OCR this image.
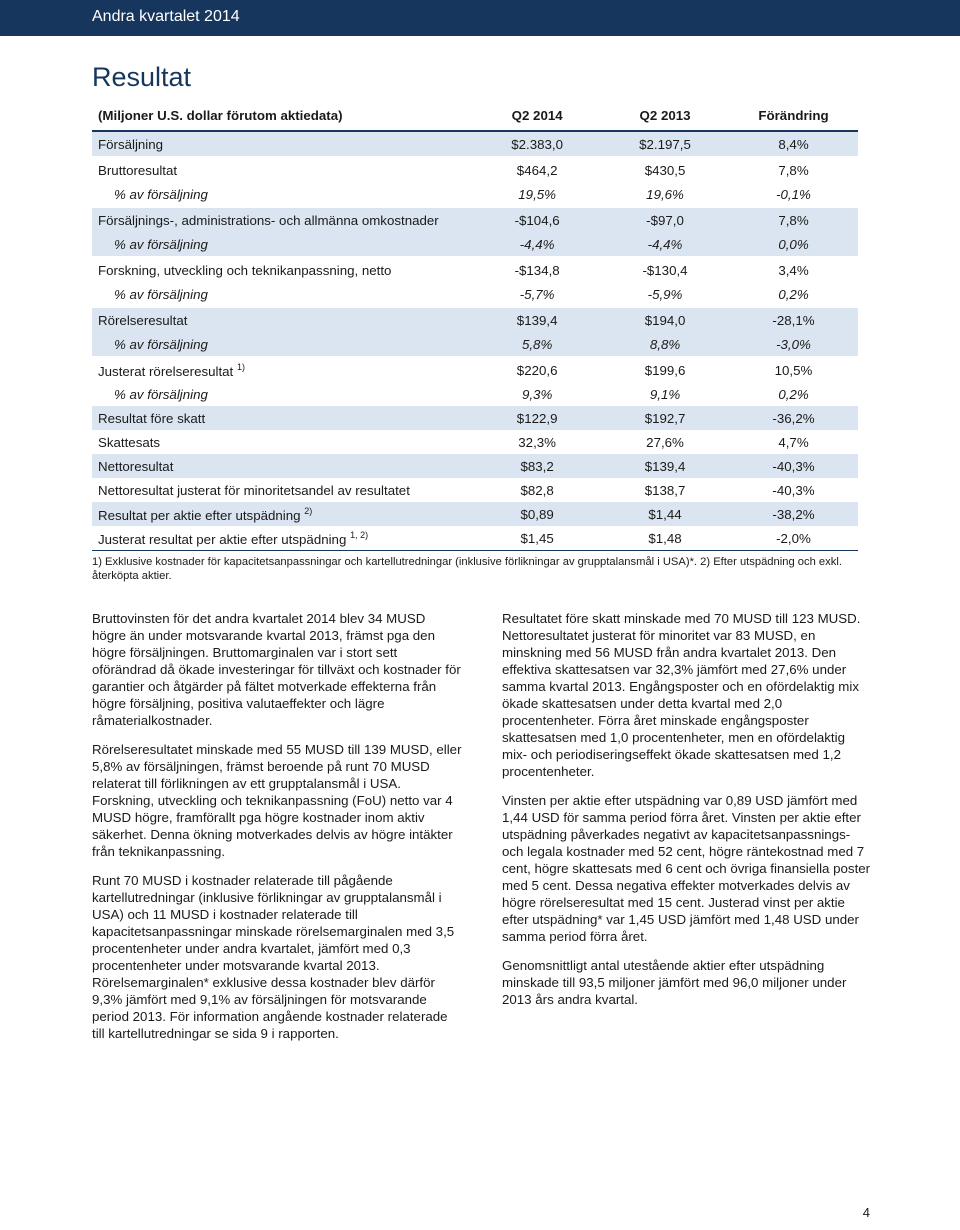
Andra kvartalet 2014
Resultat
(Miljoner U.S. dollar förutom aktiedata)	Q2 2014	Q2 2013	Förändring
Försäljning	$2.383,0	$2.197,5	8,4%

Bruttoresultat	$464,2	$430,5	7,8%
% av försäljning	19,5%	19,6%	-0,1%

Försäljnings-, administrations- och allmänna omkostnader	-$104,6	-$97,0	7,8%
% av försäljning	-4,4%	-4,4%	0,0%

Forskning, utveckling och teknikanpassning, netto	-$134,8	-$130,4	3,4%
% av försäljning	-5,7%	-5,9%	0,2%

Rörelseresultat	$139,4	$194,0	-28,1%
% av försäljning	5,8%	8,8%	-3,0%

Justerat rörelseresultat $^{1)}$	$220,6	$199,6	10,5%
% av försäljning	9,3%	9,1%	0,2%
Resultat före skatt	$122,9	$192,7	-36,2%
Skattesats	32,3%	27,6%	4,7%
Nettoresultat	$83,2	$139,4	-40,3%
Nettoresultat justerat för minoritetsandel av resultatet	$82,8	$138,7	-40,3%
Resultat per aktie efter utspädning $^{2)}$	$0,89	$1,44	-38,2%
Justerat resultat per aktie efter utspädning $^{1, 2)}$	$1,45	$1,48	-2,0%
1) Exklusive kostnader för kapacitetsanpassningar och kartellutredningar (inklusive förlikningar av grupptalansmål i USA)*. 2) Efter utspädning och exkl. återköpta aktier.

Bruttovinsten för det andra kvartalet 2014 blev 34 MUSD högre än under motsvarande kvartal 2013, främst pga den högre försäljningen. Bruttomarginalen var i stort sett oförändrad då ökade investeringar för tillväxt och kostnader för garantier och åtgärder på fältet motverkade effekterna från högre försäljning, positiva valutaeffekter och lägre råmaterialkostnader.

Rörelseresultatet minskade med 55 MUSD till 139 MUSD, eller 5,8% av försäljningen, främst beroende på runt 70 MUSD relaterat till förlikningen av ett grupptalansmål i USA. Forskning, utveckling och teknikanpassning (FoU) netto var 4 MUSD högre, framförallt pga högre kostnader inom aktiv säkerhet. Denna ökning motverkades delvis av högre intäkter från teknikanpassning.

Runt 70 MUSD i kostnader relaterade till pågående kartellutredningar (inklusive förlikningar av grupptalansmål i USA) och 11 MUSD i kostnader relaterade till kapacitetsanpassningar minskade rörelsemarginalen med 3,5 procentenheter under andra kvartalet, jämfört med 0,3 procentenheter under motsvarande kvartal 2013. Rörelsemarginalen* exklusive dessa kostnader blev därför 9,3% jämfört med 9,1% av försäljningen för motsvarande period 2013. För information angående kostnader relaterade till kartellutredningar se sida 9 i rapporten.

Resultatet före skatt minskade med 70 MUSD till 123 MUSD. Nettoresultatet justerat för minoritet var 83 MUSD, en minskning med 56 MUSD från andra kvartalet 2013. Den effektiva skattesatsen var 32,3% jämfört med 27,6% under samma kvartal 2013. Engångsposter och en ofördelaktig mix ökade skattesatsen under detta kvartal med 2,0 procentenheter. Förra året minskade engångsposter skattesatsen med 1,0 procentenheter, men en ofördelaktig mix- och periodiseringseffekt ökade skattesatsen med 1,2 procentenheter.

Vinsten per aktie efter utspädning var 0,89 USD jämfört med 1,44 USD för samma period förra året. Vinsten per aktie efter utspädning påverkades negativt av kapacitetsanpassnings- och legala kostnader med 52 cent, högre räntekostnad med 7 cent, högre skattesats med 6 cent och övriga finansiella poster med 5 cent. Dessa negativa effekter motverkades delvis av högre rörelseresultat med 15 cent. Justerad vinst per aktie efter utspädning* var 1,45 USD jämfört med 1,48 USD under samma period förra året.

Genomsnittligt antal utestående aktier efter utspädning minskade till 93,5 miljoner jämfört med 96,0 miljoner under 2013 års andra kvartal.

4
